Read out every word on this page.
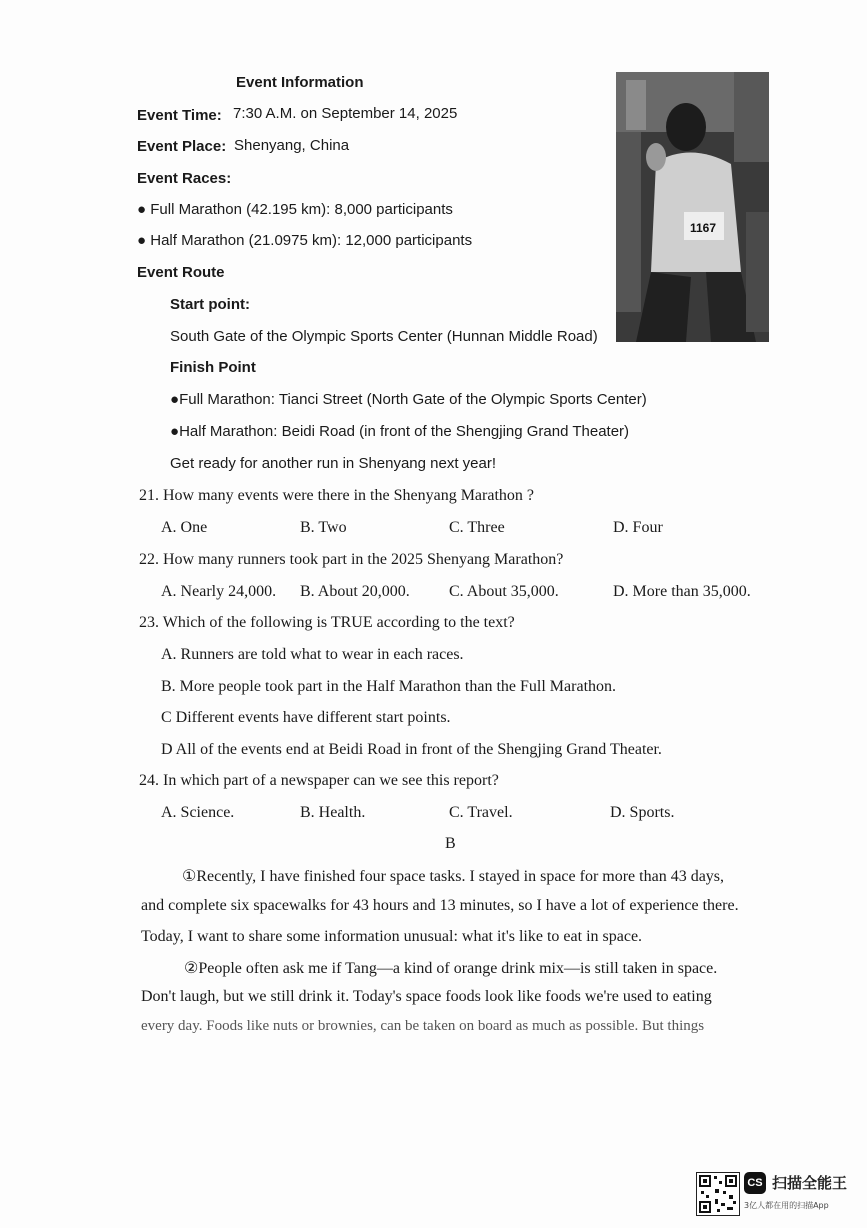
Event Information
Event Time: 7:30 A.M. on September 14, 2025
Event Place: Shenyang, China
Event Races:
● Full Marathon (42.195 km): 8,000 participants
● Half Marathon (21.0975 km): 12,000 participants
Event Route
Start point:
South Gate of the Olympic Sports Center (Hunnan Middle Road)
Finish Point
●Full Marathon: Tianci Street (North Gate of the Olympic Sports Center)
●Half Marathon: Beidi Road (in front of the Shengjing Grand Theater)
Get ready for another run in Shenyang next year!
1167
21. How many events were there in the Shenyang Marathon ?
A. One	B. Two	C. Three	D. Four
22. How many runners took part in the 2025 Shenyang Marathon?
A. Nearly 24,000. B. About 20,000. C. About 35,000.	D. More than 35,000.
23. Which of the following is TRUE according to the text?
A. Runners are told what to wear in each races.
B. More people took part in the Half Marathon than the Full Marathon.
C Different events have different start points.
D All of the events end at Beidi Road in front of the Shengjing Grand Theater.
24. In which part of a newspaper can we see this report?
A. Science.	B. Health.	C. Travel.	D. Sports.
B
①Recently, I have finished four space tasks. I stayed in space for more than 43 days,
and complete six spacewalks for 43 hours and 13 minutes, so I have a lot of experience there.
Today, I want to share some information unusual: what it's like to eat in space.
②People often ask me if Tang—a kind of orange drink mix—is still taken in space.
Don't laugh, but we still drink it. Today's space foods look like foods we're used to eating
every day. Foods like nuts or brownies, can be taken on board as much as possible. But things
CS 扫描全能王
3亿人都在用的扫描App
